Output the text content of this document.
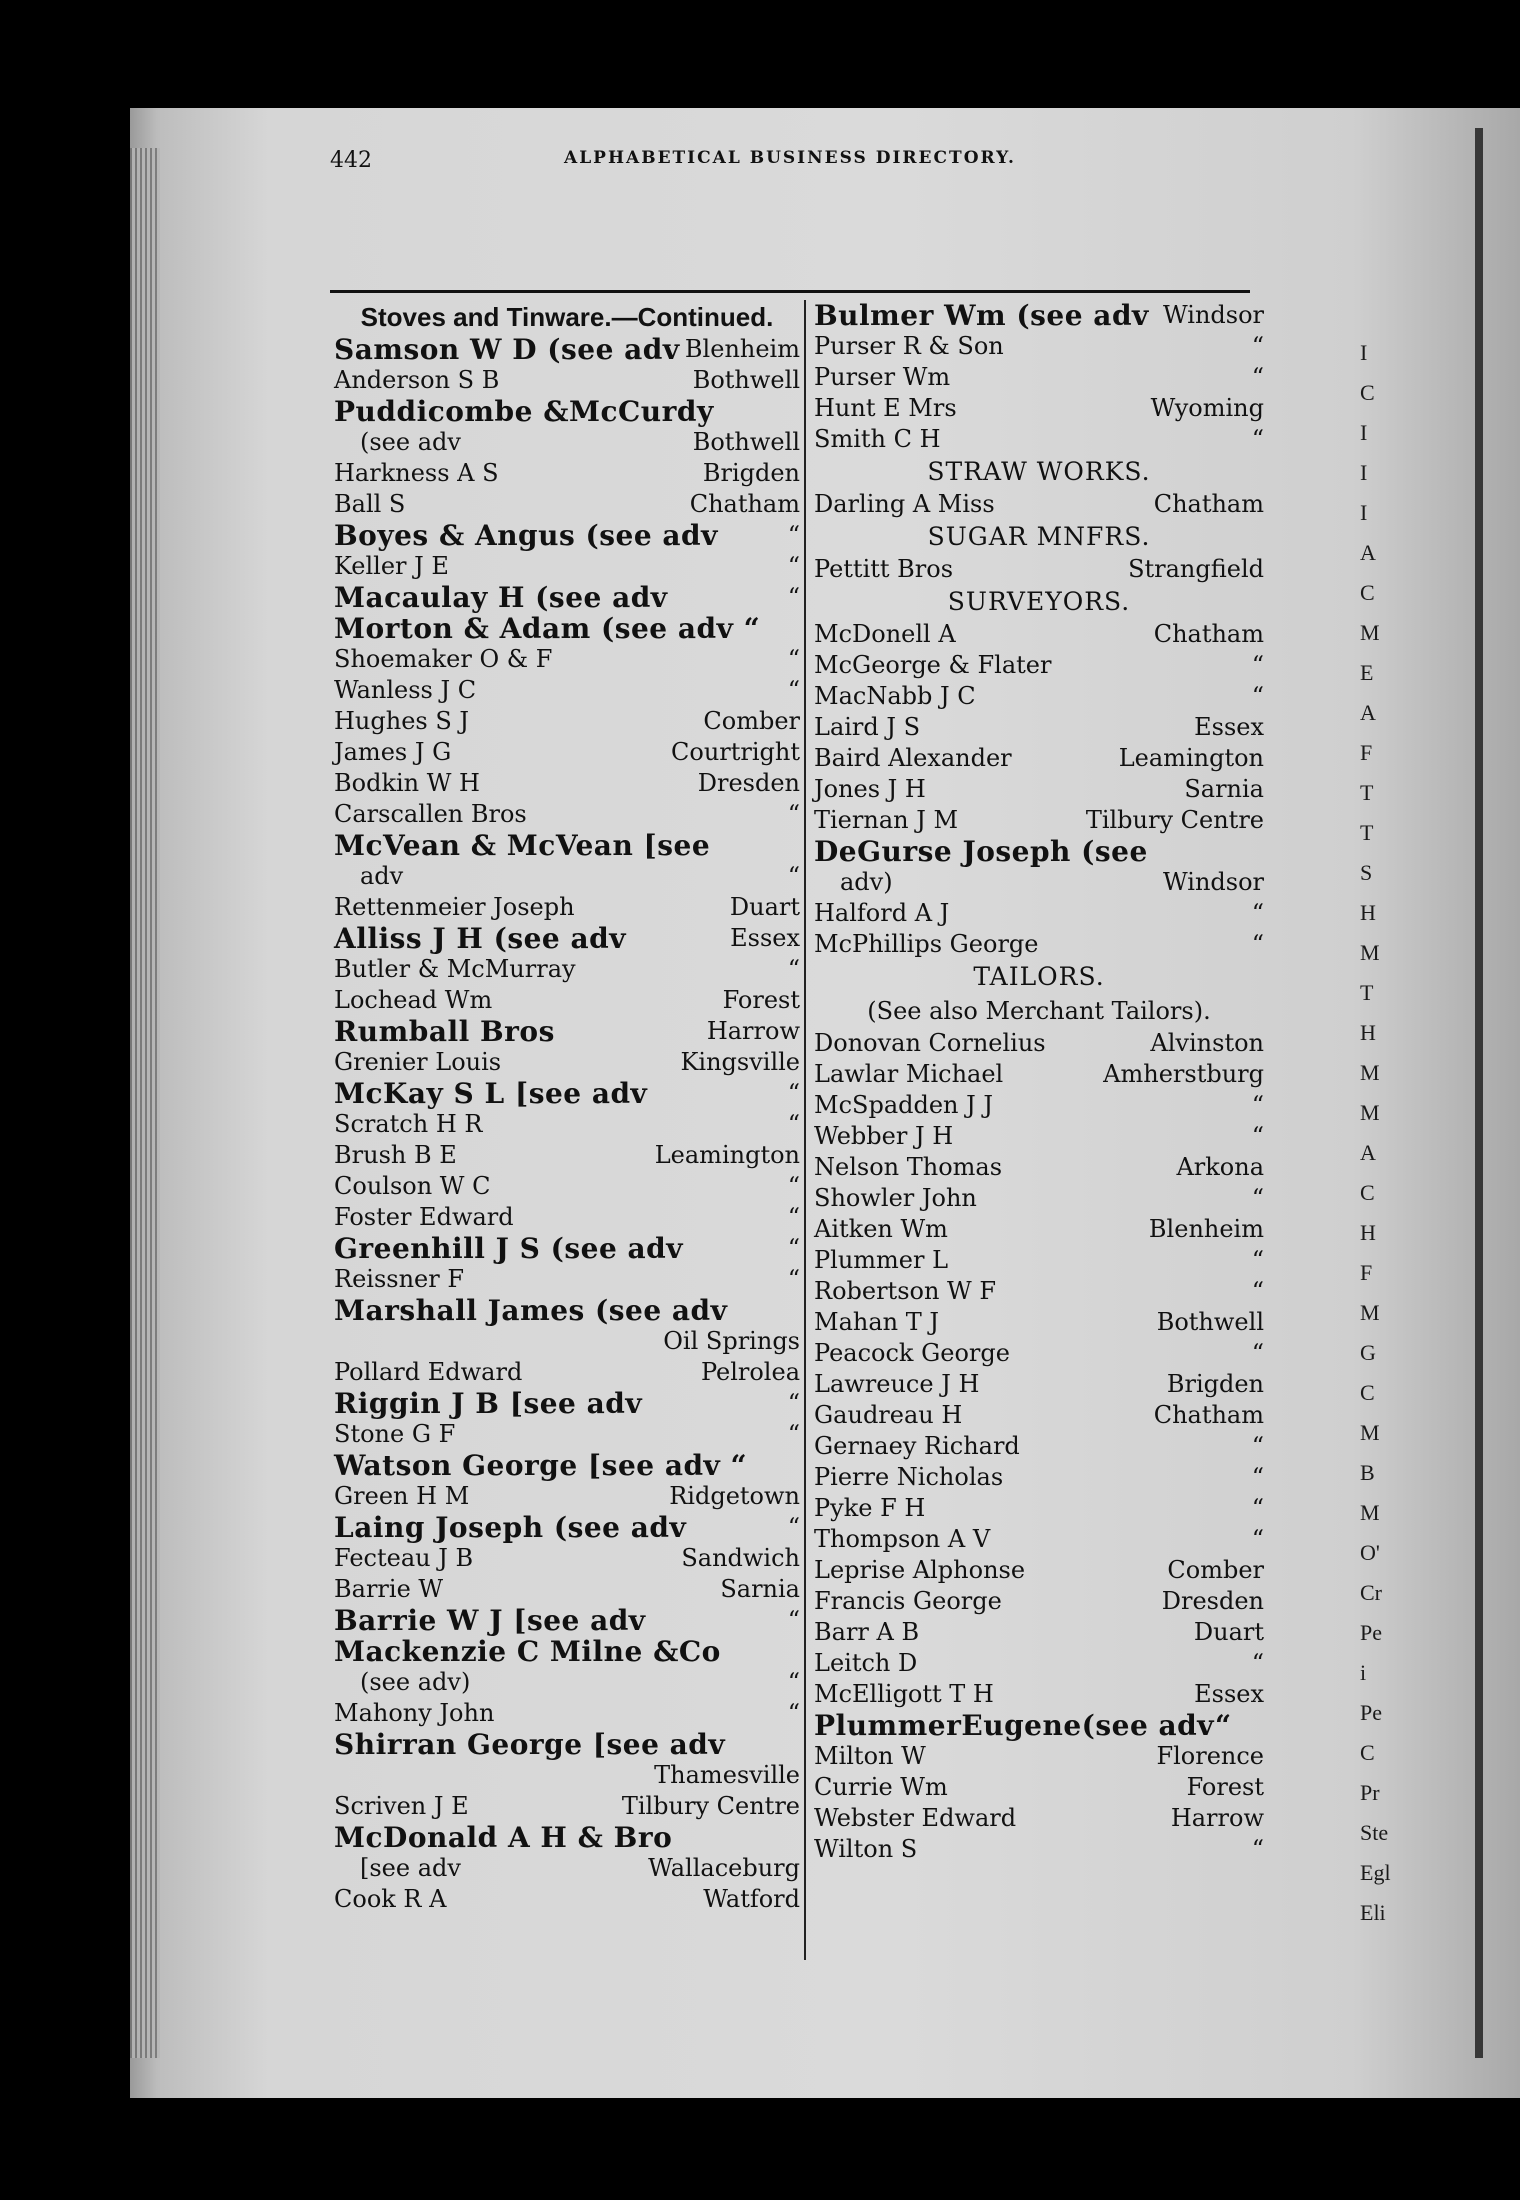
I
C
I
I
I
A
C
M
E
A
F
T
T
S
H
M
T
H
M
M
A
C
H
F
M
G
C
M
B
M
O'
Cr
Pe
i
Pe
C
Pr
Ste
Egl
Eli
442	ALPHABETICAL BUSINESS DIRECTORY.
Stoves and Tinware.—Continued.
Samson W D (see adv Blenheim
Anderson S B	Bothwell
Puddicombe &McCurdy
(see adv	Bothwell
Harkness A S	Brigden
Ball S	Chatham
Boyes & Angus (see adv	“
Keller J E	“
Macaulay H (see adv	“
Morton & Adam (see adv “
Shoemaker O & F	“
Wanless J C	“
Hughes S J	Comber
James J G	Courtright
Bodkin W H	Dresden
Carscallen Bros	“
McVean & McVean [see
adv	“
Rettenmeier Joseph	Duart
Alliss J H (see adv	Essex
Butler & McMurray	“
Lochead Wm	Forest
Rumball Bros	Harrow
Grenier Louis	Kingsville
McKay S L [see adv	“
Scratch H R	“
Brush B E	Leamington
Coulson W C	“
Foster Edward	“
Greenhill J S (see adv	“
Reissner F	“
Marshall James (see adv
Oil Springs
Pollard Edward	Pelrolea
Riggin J B [see adv	“
Stone G F	“
Watson George [see adv “
Green H M	Ridgetown
Laing Joseph (see adv	“
Fecteau J B	Sandwich
Barrie W	Sarnia
Barrie W J [see adv	“
Mackenzie C Milne &Co
(see adv)	“
Mahony John	“
Shirran George [see adv
Thamesville
Scriven J E	Tilbury Centre
McDonald A H & Bro
[see adv	Wallaceburg
Cook R A	Watford
Bulmer Wm (see adv Windsor
Purser R & Son	“
Purser Wm	“
Hunt E Mrs	Wyoming
Smith C H	“
STRAW WORKS.
Darling A Miss	Chatham
SUGAR MNFRS.
Pettitt Bros	Strangfield
SURVEYORS.
McDonell A	Chatham
McGeorge & Flater	“
MacNabb J C	“
Laird J S	Essex
Baird Alexander	Leamington
Jones J H	Sarnia
Tiernan J M	Tilbury Centre
DeGurse Joseph (see
adv)	Windsor
Halford A J	“
McPhillips George	“
TAILORS.
(See also Merchant Tailors).
Donovan Cornelius	Alvinston
Lawlar Michael	Amherstburg
McSpadden J J	“
Webber J H	“
Nelson Thomas	Arkona
Showler John	“
Aitken Wm	Blenheim
Plummer L	“
Robertson W F	“
Mahan T J	Bothwell
Peacock George	“
Lawreuce J H	Brigden
Gaudreau H	Chatham
Gernaey Richard	“
Pierre Nicholas	“
Pyke F H	“
Thompson A V	“
Leprise Alphonse	Comber
Francis George	Dresden
Barr A B	Duart
Leitch D	“
McElligott T H	Essex
PlummerEugene(see adv“
Milton W	Florence
Currie Wm	Forest
Webster Edward	Harrow
Wilton S	“
